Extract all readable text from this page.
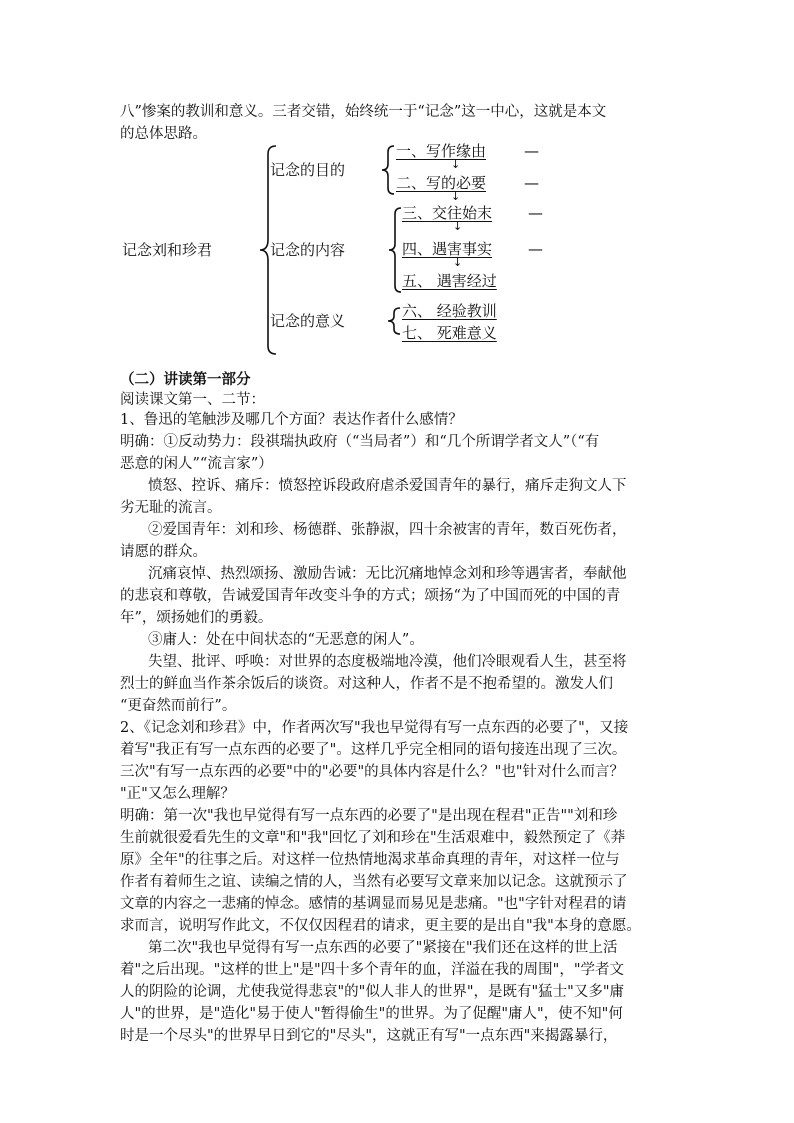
八”惨案的教训和意义。三者交错，始终统一于“记念”这一中心，这就是本文
的总体思路。
记念刘和珍君
记念的目的
记念的内容
记念的意义
一、写作缘由	—
↓
二、写的必要	—
↓
三、交往始末 —
↓
四、遇害事实 —
↓
五、 遇害经过
六、 经验教训
七、 死难意义
（二）讲读第一部分
阅读课文第一、二节：
1、鲁迅的笔触涉及哪几个方面？表达作者什么感情？
明确：①反动势力：段祺瑞执政府（“当局者”）和“几个所谓学者文人”（“有
恶意的闲人”“流言家”）
愤怒、控诉、痛斥：愤怒控诉段政府虐杀爱国青年的暴行，痛斥走狗文人下
劣无耻的流言。
②爱国青年：刘和珍、杨德群、张静淑，四十余被害的青年，数百死伤者，
请愿的群众。
沉痛哀悼、热烈颂扬、激励告诫：无比沉痛地悼念刘和珍等遇害者，奉献他
的悲哀和尊敬，告诫爱国青年改变斗争的方式；颂扬“为了中国而死的中国的青
年”，颂扬她们的勇毅。
③庸人：处在中间状态的“无恶意的闲人”。
失望、批评、呼唤：对世界的态度极端地冷漠，他们冷眼观看人生，甚至将
烈士的鲜血当作茶余饭后的谈资。对这种人，作者不是不抱希望的。激发人们
“更奋然而前行”。
2、《记念刘和珍君》中，作者两次写"我也早觉得有写一点东西的必要了"，又接
着写"我正有写一点东西的必要了"。这样几乎完全相同的语句接连出现了三次。
三次"有写一点东西的必要"中的"必要"的具体内容是什么？"也"针对什么而言？
"正"又怎么理解？
明确：第一次"我也早觉得有写一点东西的必要了"是出现在程君"正告""刘和珍
生前就很爱看先生的文章"和"我"回忆了刘和珍在"生活艰难中，毅然预定了《莽
原》全年"的往事之后。对这样一位热情地渴求革命真理的青年，对这样一位与
作者有着师生之谊、读编之情的人，当然有必要写文章来加以记念。这就预示了
文章的内容之一悲痛的悼念。感情的基调显而易见是悲痛。"也"字针对程君的请
求而言，说明写作此文，不仅仅因程君的请求，更主要的是出自"我"本身的意愿。
第二次"我也早觉得有写一点东西的必要了"紧接在"我们还在这样的世上活
着"之后出现。"这样的世上"是"四十多个青年的血，洋溢在我的周围"，"学者文
人的阴险的论调，尤使我觉得悲哀"的"似人非人的世界"，是既有"猛士"又多"庸
人"的世界，是"造化"易于使人"暂得偷生"的世界。为了促醒"庸人"，使不知"何
时是一个尽头"的世界早日到它的"尽头"，这就正有写"一点东西"来揭露暴行，
